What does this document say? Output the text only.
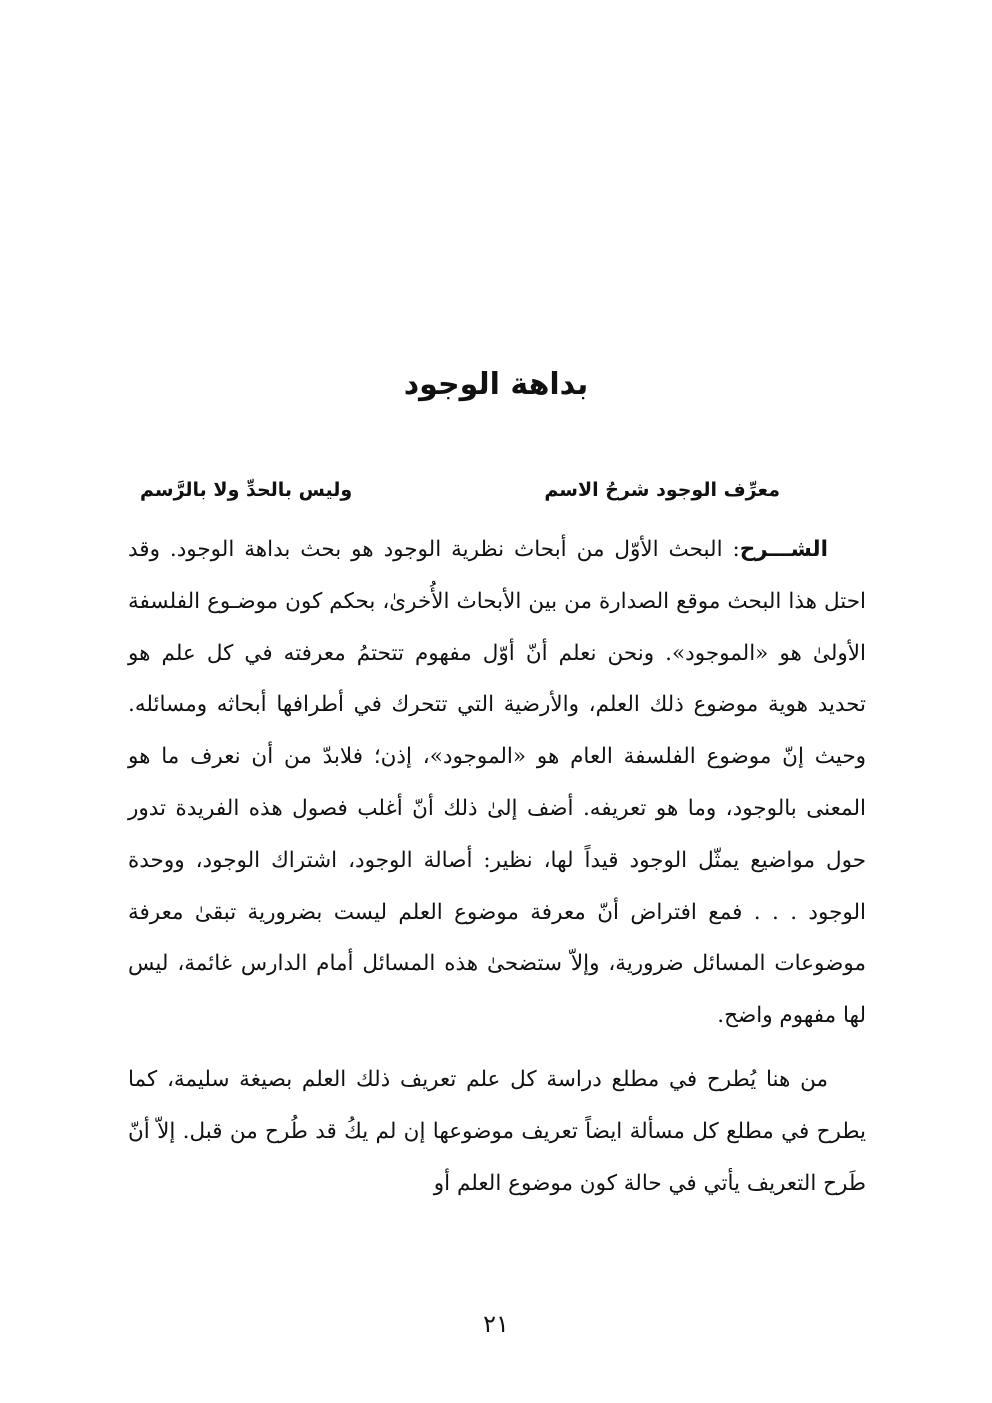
بداهة الوجود
معرِّف الوجود شرحُ الاسم
وليس بالحدِّ ولا بالرَّسم

الشـــرح: البحث الأوّل من أبحاث نظرية الوجود هو بحث بداهة الوجود. وقد احتل هذا البحث موقع الصدارة من بين الأبحاث الأُخرىٰ، بحكم كون موضـوع الفلسفة الأولىٰ هو «الموجود». ونحن نعلم أنّ أوّل مفهوم تتحتمُ معرفته في كل علم هو تحديد هوية موضوع ذلك العلم، والأرضية التي تتحرك في أطرافها أبحاثه ومسائله. وحيث إنّ موضوع الفلسفة العام هو «الموجود»، إذن؛ فلابدّ من أن نعرف ما هو المعنى بالوجود، وما هو تعريفه. أضف إلىٰ ذلك أنّ أغلب فصول هذه الفريدة تدور حول مواضيع يمثّل الوجود قيداً لها، نظير: أصالة الوجود، اشتراك الوجود، ووحدة الوجود . . . فمع افتراض أنّ معرفة موضوع العلم ليست بضرورية تبقىٰ معرفة موضوعات المسائل ضرورية، وإلاّ ستضحىٰ هذه المسائل أمام الدارس غائمة، ليس لها مفهوم واضح.

من هنا يُطرح في مطلع دراسة كل علم تعريف ذلك العلم بصيغة سليمة، كما يطرح في مطلع كل مسألة ايضاً تعريف موضوعها إن لم يكُ قد طُرح من قبل. إلاّ أنّ طَرح التعريف يأتي في حالة كون موضوع العلم أو

٢١
